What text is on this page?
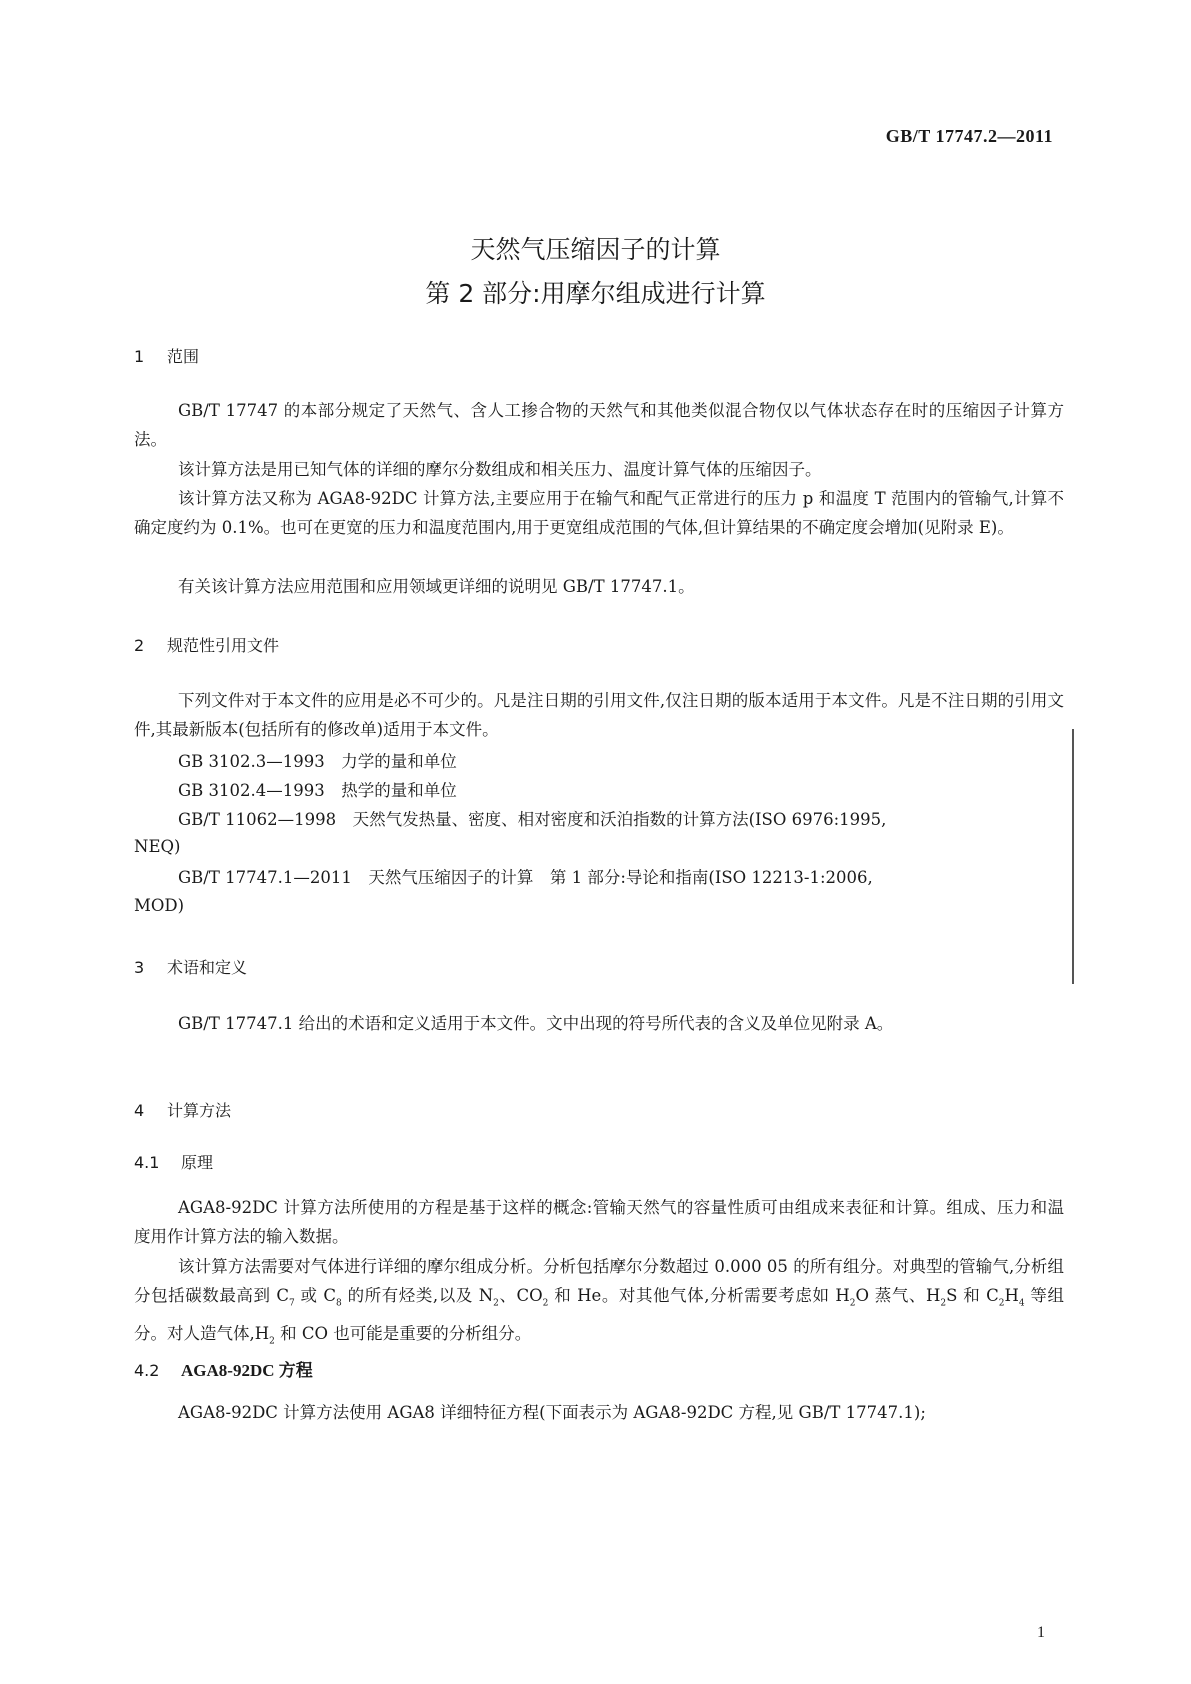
GB/T 17747.2—2011
天然气压缩因子的计算
第 2 部分:用摩尔组成进行计算
1 范围
GB/T 17747 的本部分规定了天然气、含人工掺合物的天然气和其他类似混合物仅以气体状态存在时的压缩因子计算方法。
该计算方法是用已知气体的详细的摩尔分数组成和相关压力、温度计算气体的压缩因子。
该计算方法又称为 AGA8-92DC 计算方法,主要应用于在输气和配气正常进行的压力 p 和温度 T 范围内的管输气,计算不确定度约为 0.1%。也可在更宽的压力和温度范围内,用于更宽组成范围的气体,但计算结果的不确定度会增加(见附录 E)。
有关该计算方法应用范围和应用领域更详细的说明见 GB/T 17747.1。
2 规范性引用文件
下列文件对于本文件的应用是必不可少的。凡是注日期的引用文件,仅注日期的版本适用于本文件。凡是不注日期的引用文件,其最新版本(包括所有的修改单)适用于本文件。
GB 3102.3—1993　力学的量和单位
GB 3102.4—1993　热学的量和单位
GB/T 11062—1998　天然气发热量、密度、相对密度和沃泊指数的计算方法(ISO 6976:1995,
NEQ)
GB/T 17747.1—2011　天然气压缩因子的计算　第 1 部分:导论和指南(ISO 12213-1:2006,
MOD)
3 术语和定义
GB/T 17747.1 给出的术语和定义适用于本文件。文中出现的符号所代表的含义及单位见附录 A。
4 计算方法
4.1 原理
AGA8-92DC 计算方法所使用的方程是基于这样的概念:管输天然气的容量性质可由组成来表征和计算。组成、压力和温度用作计算方法的输入数据。
该计算方法需要对气体进行详细的摩尔组成分析。分析包括摩尔分数超过 0.000 05 的所有组分。对典型的管输气,分析组分包括碳数最高到 $C_7$ 或 $C_8$ 的所有烃类,以及 $N_2$、$CO_2$ 和 He。对其他气体,分析需要考虑如 $H_2O$ 蒸气、$H_2S$ 和 $C_2H_4$ 等组分。对人造气体$,H_2$ 和 CO 也可能是重要的分析组分。
4.2 AGA8-92DC 方程
AGA8-92DC 计算方法使用 AGA8 详细特征方程(下面表示为 AGA8-92DC 方程,见 GB/T 17747.1);
1
